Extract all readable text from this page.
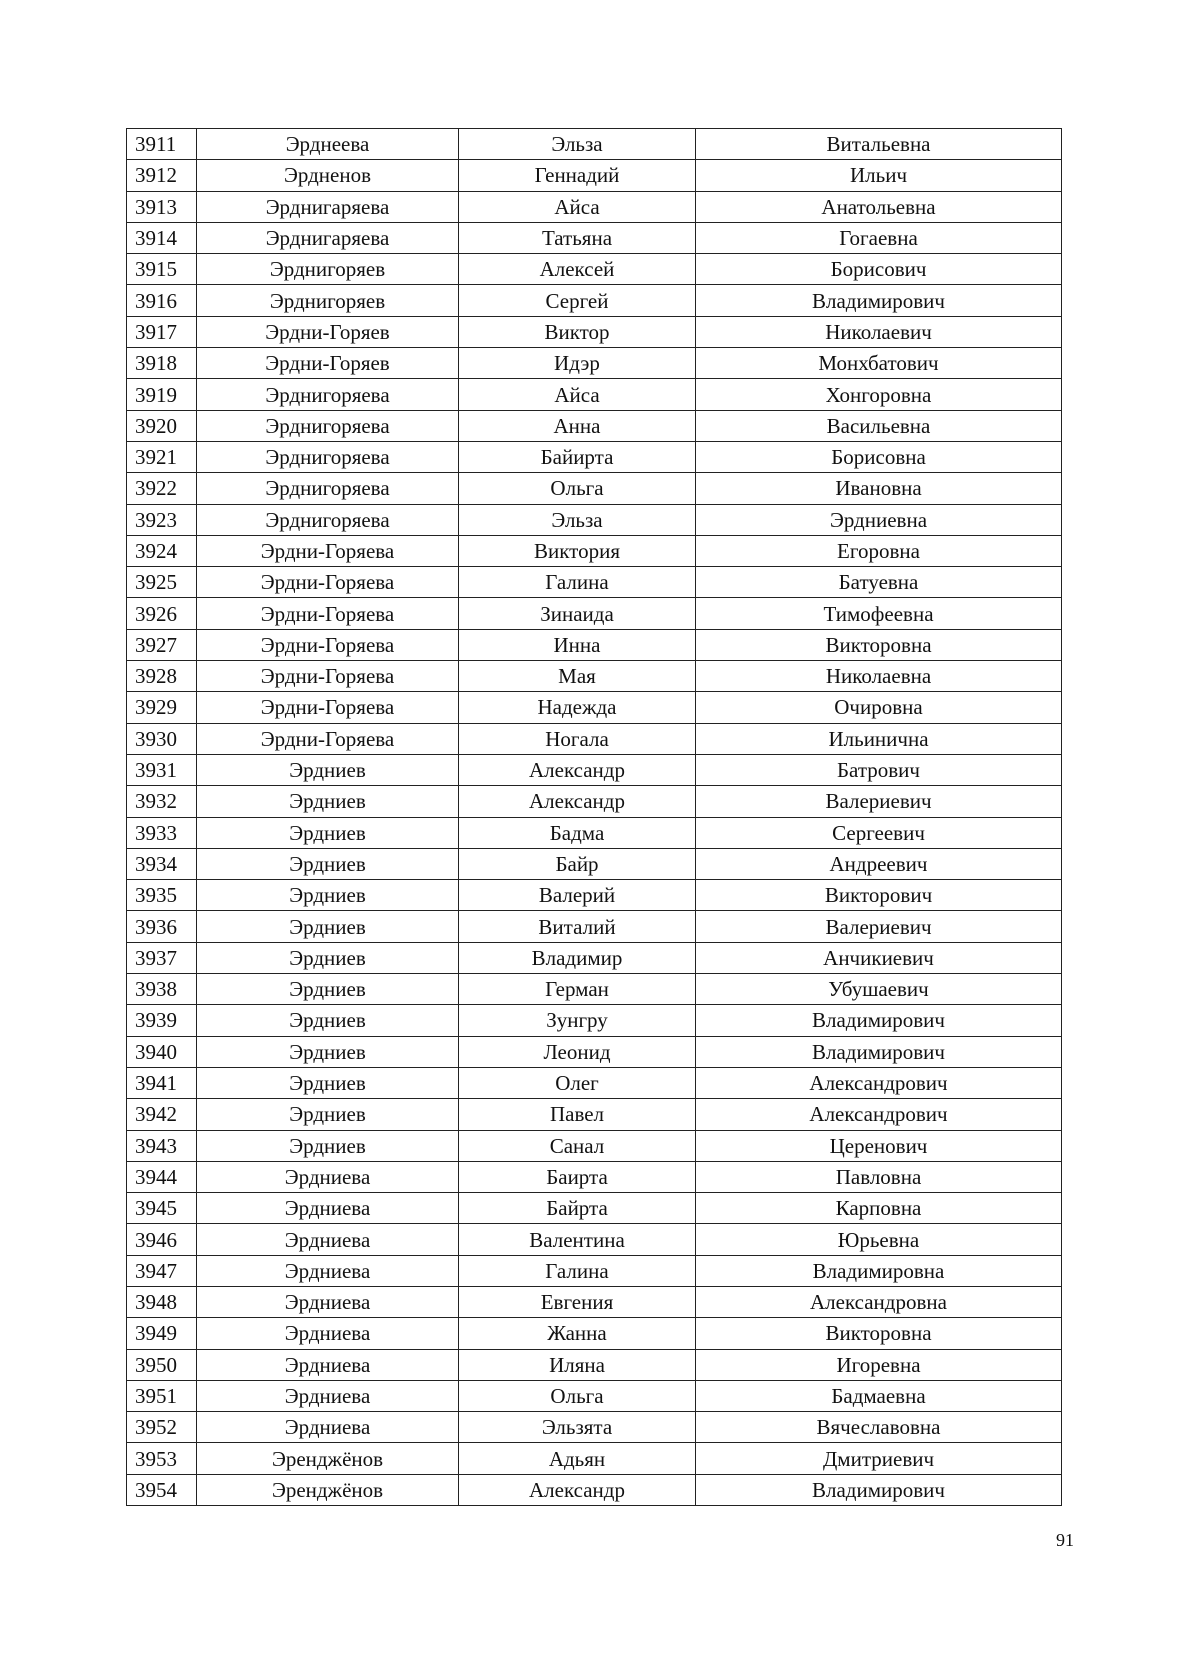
3911	Эрднеева	Эльза	Витальевна
3912	Эрдненов	Геннадий	Ильич
3913	Эрднигаряева	Айса	Анатольевна
3914	Эрднигаряева	Татьяна	Гогаевна
3915	Эрднигоряев	Алексей	Борисович
3916	Эрднигоряев	Сергей	Владимирович
3917	Эрдни-Горяев	Виктор	Николаевич
3918	Эрдни-Горяев	Идэр	Монхбатович
3919	Эрднигоряева	Айса	Хонгоровна
3920	Эрднигоряева	Анна	Васильевна
3921	Эрднигоряева	Байирта	Борисовна
3922	Эрднигоряева	Ольга	Ивановна
3923	Эрднигоряева	Эльза	Эрдниевна
3924	Эрдни-Горяева	Виктория	Егоровна
3925	Эрдни-Горяева	Галина	Батуевна
3926	Эрдни-Горяева	Зинаида	Тимофеевна
3927	Эрдни-Горяева	Инна	Викторовна
3928	Эрдни-Горяева	Мая	Николаевна
3929	Эрдни-Горяева	Надежда	Очировна
3930	Эрдни-Горяева	Ногала	Ильинична
3931	Эрдниев	Александр	Батрович
3932	Эрдниев	Александр	Валериевич
3933	Эрдниев	Бадма	Сергеевич
3934	Эрдниев	Байр	Андреевич
3935	Эрдниев	Валерий	Викторович
3936	Эрдниев	Виталий	Валериевич
3937	Эрдниев	Владимир	Анчикиевич
3938	Эрдниев	Герман	Убушаевич
3939	Эрдниев	Зунгру	Владимирович
3940	Эрдниев	Леонид	Владимирович
3941	Эрдниев	Олег	Александрович
3942	Эрдниев	Павел	Александрович
3943	Эрдниев	Санал	Церенович
3944	Эрдниева	Баирта	Павловна
3945	Эрдниева	Байрта	Карповна
3946	Эрдниева	Валентина	Юрьевна
3947	Эрдниева	Галина	Владимировна
3948	Эрдниева	Евгения	Александровна
3949	Эрдниева	Жанна	Викторовна
3950	Эрдниева	Иляна	Игоревна
3951	Эрдниева	Ольга	Бадмаевна
3952	Эрдниева	Эльзята	Вячеславовна
3953	Эренджёнов	Адьян	Дмитриевич
3954	Эренджёнов	Александр	Владимирович
91
